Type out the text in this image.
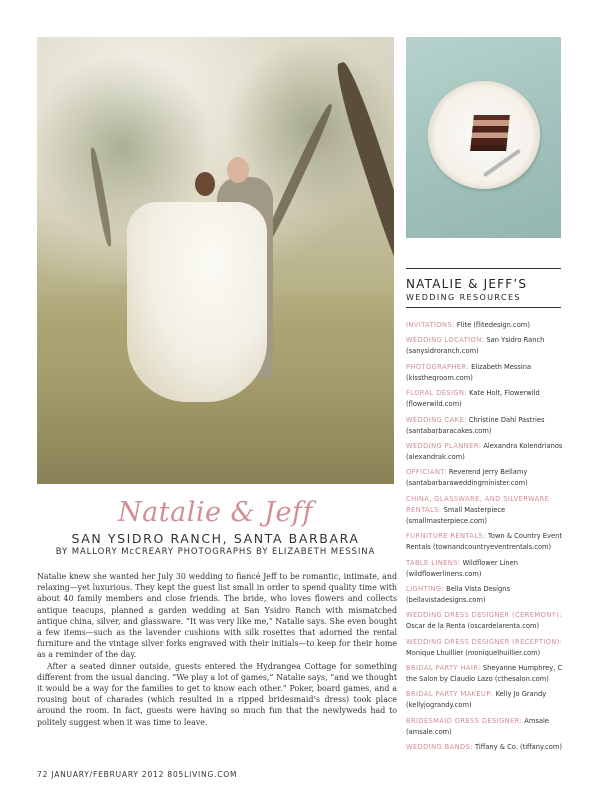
Natalie & Jeff
SAN YSIDRO RANCH, SANTA BARBARA
BY MALLORY McCREARY PHOTOGRAPHS BY ELIZABETH MESSINA

Natalie knew she wanted her July 30 wedding to fiancé Jeff to be romantic, intimate, and relaxing—yet luxurious. They kept the guest list small in order to spend quality time with about 40 family members and close friends. The bride, who loves flowers and collects antique teacups, planned a garden wedding at San Ysidro Ranch with mismatched antique china, silver, and glassware. “It was very like me,” Natalie says. She even bought a few items—such as the lavender cushions with silk rosettes that adorned the rental furniture and the vintage silver forks engraved with their initials—to keep for their home as a reminder of the day.

After a seated dinner outside, guests entered the Hydrangea Cottage for something different from the usual dancing. “We play a lot of games,” Natalie says, “and we thought it would be a way for the families to get to know each other.” Poker, board games, and a rousing bout of charades (which resulted in a ripped bridesmaid’s dress) took place around the room. In fact, guests were having so much fun that the newlyweds had to politely suggest when it was time to leave.

72 JANUARY/FEBRUARY 2012 805LIVING.COM
NATALIE & JEFF’S
WEDDING RESOURCES

INVITATIONS: Flite (flitedesign.com)

WEDDING LOCATION: San Ysidro Ranch (sanysidroranch.com)

PHOTOGRAPHER: Elizabeth Messina (kisstheqroom.com)

FLORAL DESIGN: Kate Holt, Flowerwild (flowerwild.com)

WEDDING CAKE: Christine Dahl Pastries (santabarbaracakes.com)

WEDDING PLANNER: Alexandra Kolendrianos (alexandrak.com)

OFFICIANT: Reverend Jerry Bellamy (santabarbaraweddingminister.com)

CHINA, GLASSWARE, AND SILVERWARE RENTALS: Small Masterpiece (smallmasterpiece.com)

FURNITURE RENTALS: Town & Country Event Rentals (townandcountryeventrentals.com)

TABLE LINENS: Wildflower Linen (wildflowerlinens.com)

LIGHTING: Bella Vista Designs (bellavistadesigns.com)

WEDDING DRESS DESIGNER (CEREMONY): Oscar de la Renta (oscardelarenta.com)

WEDDING DRESS DESIGNER (RECEPTION): Monique Lhuillier (moniquelhuillier.com)

BRIDAL PARTY HAIR: Sheyanne Humphrey, C the Salon by Claudio Lazo (cthesalon.com)

BRIDAL PARTY MAKEUP: Kelly Jo Grandy (kellyjograndy.com)

BRIDESMAID DRESS DESIGNER: Amsale (amsale.com)

WEDDING BANDS: Tiffany & Co. (tiffany.com)
